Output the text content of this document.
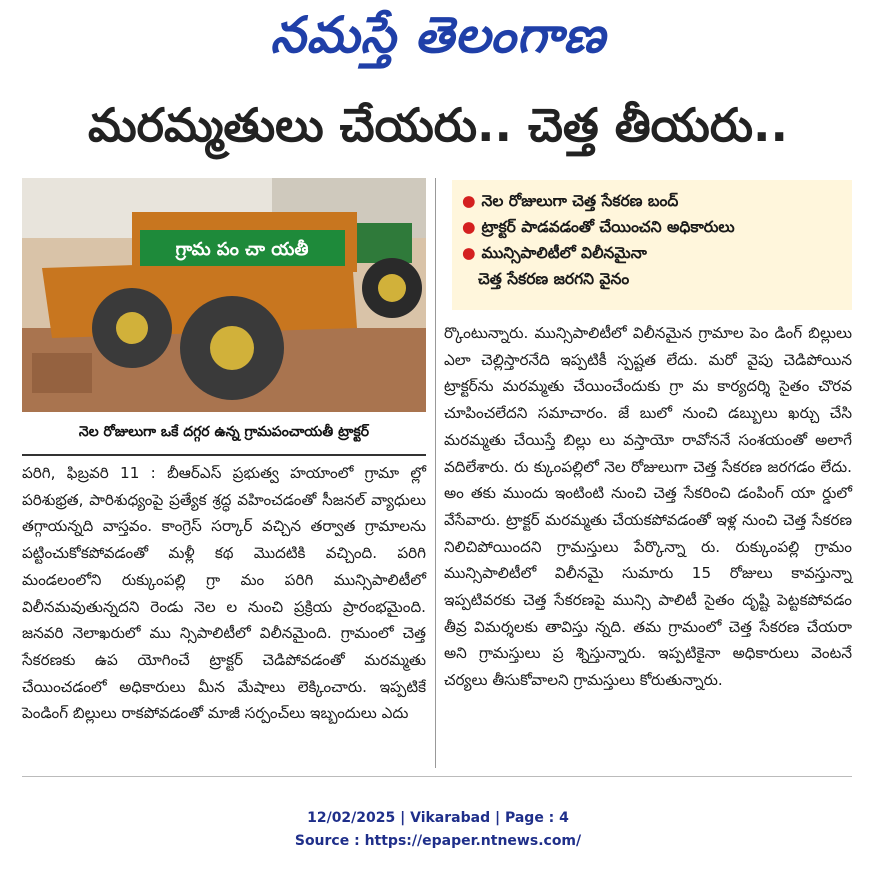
నమస్తే తెలంగాణ
మరమ్మతులు చేయరు.. చెత్త తీయరు..
గ్రామ పం చా యతీ
నెల రోజులుగా ఒకే దగ్గర ఉన్న గ్రామపంచాయతీ ట్రాక్టర్
● నెల రోజులుగా చెత్త సేకరణ బంద్
● ట్రాక్టర్ పాడవడంతో చేయించని అధికారులు
● మున్సిపాలిటీలో విలీనమైనా
చెత్త సేకరణ జరగని వైనం

పరిగి, ఫిబ్రవరి 11 : బీఆర్ఎస్ ప్రభుత్వ హయాంలో గ్రామా ల్లో పరిశుభ్రత, పారిశుధ్యంపై ప్రత్యేక శ్రద్ధ వహించడంతో సీజనల్ వ్యాధులు తగ్గాయన్నది వాస్తవం. కాంగ్రెస్ సర్కార్ వచ్చిన తర్వాత గ్రామాలను పట్టించుకోకపోవడంతో మళ్లీ కథ మొదటికి వచ్చింది. పరిగి మండలంలోని రుక్కుంపల్లి గ్రా మం పరిగి మున్సిపాలిటీలో విలీనమవుతున్నదని రెండు నెల ల నుంచి ప్రక్రియ ప్రారంభమైంది. జనవరి నెలాఖరులో ము న్సిపాలిటీలో విలీనమైంది. గ్రామంలో చెత్త సేకరణకు ఉప యోగించే ట్రాక్టర్ చెడిపోవడంతో మరమ్మతు చేయించడంలో అధికారులు మీన మేషాలు లెక్కించారు. ఇప్పటికే పెండింగ్ బిల్లులు రాకపోవడంతో మాజీ సర్పంచ్‌లు ఇబ్బందులు ఎదు

ర్కొంటున్నారు. మున్సిపాలిటీలో విలీనమైన గ్రామాల పెం డింగ్ బిల్లులు ఎలా చెల్లిస్తారనేది ఇప్పటికీ స్పష్టత లేదు. మరో వైపు చెడిపోయిన ట్రాక్టర్‌ను మరమ్మతు చేయించేందుకు గ్రా మ కార్యదర్శి సైతం చొరవ చూపించలేదని సమాచారం. జే బులో నుంచి డబ్బులు ఖర్చు చేసి మరమ్మతు చేయిస్తే బిల్లు లు వస్తాయో రావోననే సంశయంతో అలాగే వదిలేశారు. రు క్కుంపల్లిలో నెల రోజులుగా చెత్త సేకరణ జరగడం లేదు. అం తకు ముందు ఇంటింటి నుంచి చెత్త సేకరించి డంపింగ్ యా ర్డులో వేసేవారు. ట్రాక్టర్ మరమ్మతు చేయకపోవడంతో ఇళ్ల నుంచి చెత్త సేకరణ నిలిచిపోయిందని గ్రామస్తులు పేర్కొన్నా రు. రుక్కుంపల్లి గ్రామం మున్సిపాలిటీలో విలీనమై సుమారు 15 రోజులు కావస్తున్నా ఇప్పటివరకు చెత్త సేకరణపై మున్సి పాలిటీ సైతం దృష్టి పెట్టకపోవడం తీవ్ర విమర్శలకు తావిస్తు న్నది. తమ గ్రామంలో చెత్త సేకరణ చేయరా అని గ్రామస్తులు ప్ర శ్నిస్తున్నారు. ఇప్పటికైనా అధికారులు వెంటనే చర్యలు తీసుకోవాలని గ్రామస్తులు కోరుతున్నారు.

12/02/2025 | Vikarabad | Page : 4
Source : https://epaper.ntnews.com/
